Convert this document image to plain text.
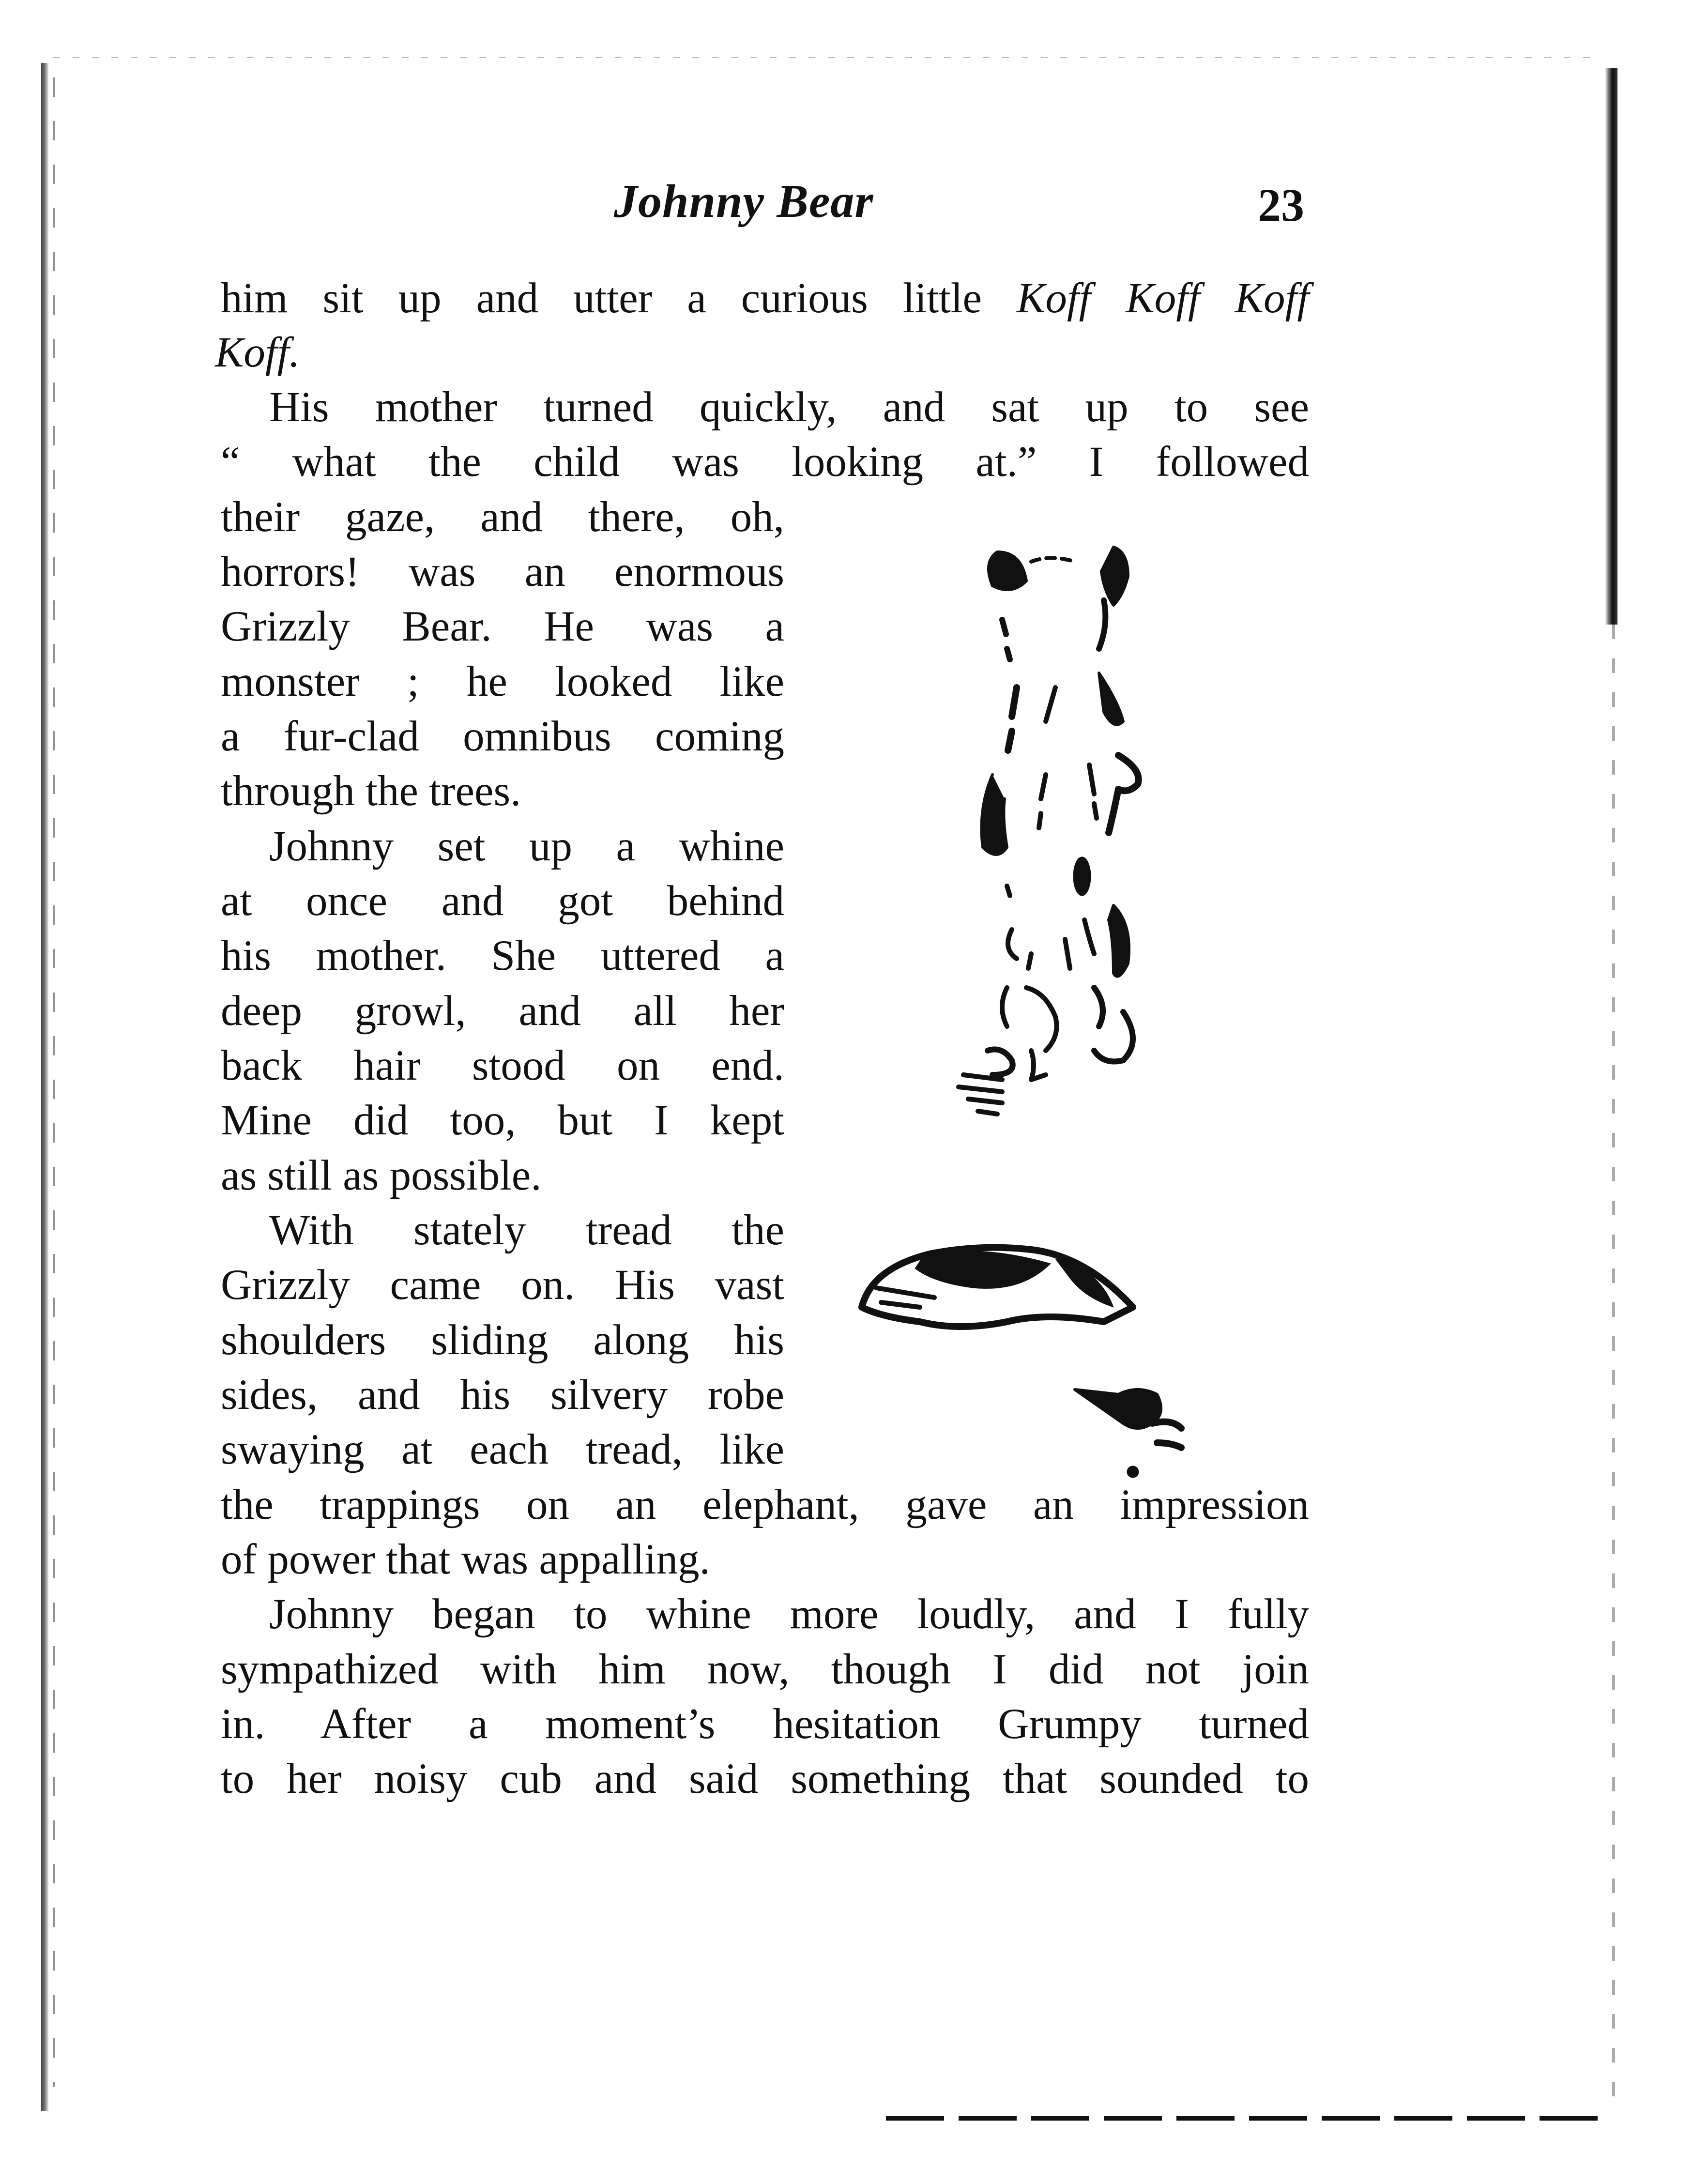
Johnny Bear	23
him sit up and utter a curious little Koff Koff Koff
Koff.
His mother turned quickly, and sat up to see
“ what the child was looking at.” I followed
their gaze, and there, oh,
horrors! was an enormous
Grizzly Bear. He was a
monster ; he looked like
a fur-clad omnibus coming
through the trees.
Johnny set up a whine
at once and got behind
his mother. She uttered a
deep growl, and all her
back hair stood on end.
Mine did too, but I kept
as still as possible.
With stately tread the
Grizzly came on. His vast
shoulders sliding along his
sides, and his silvery robe
swaying at each tread, like
the trappings on an elephant, gave an impression
of power that was appalling.
Johnny began to whine more loudly, and I fully
sympathized with him now, though I did not join
in. After a moment’s hesitation Grumpy turned
to her noisy cub and said something that sounded to
